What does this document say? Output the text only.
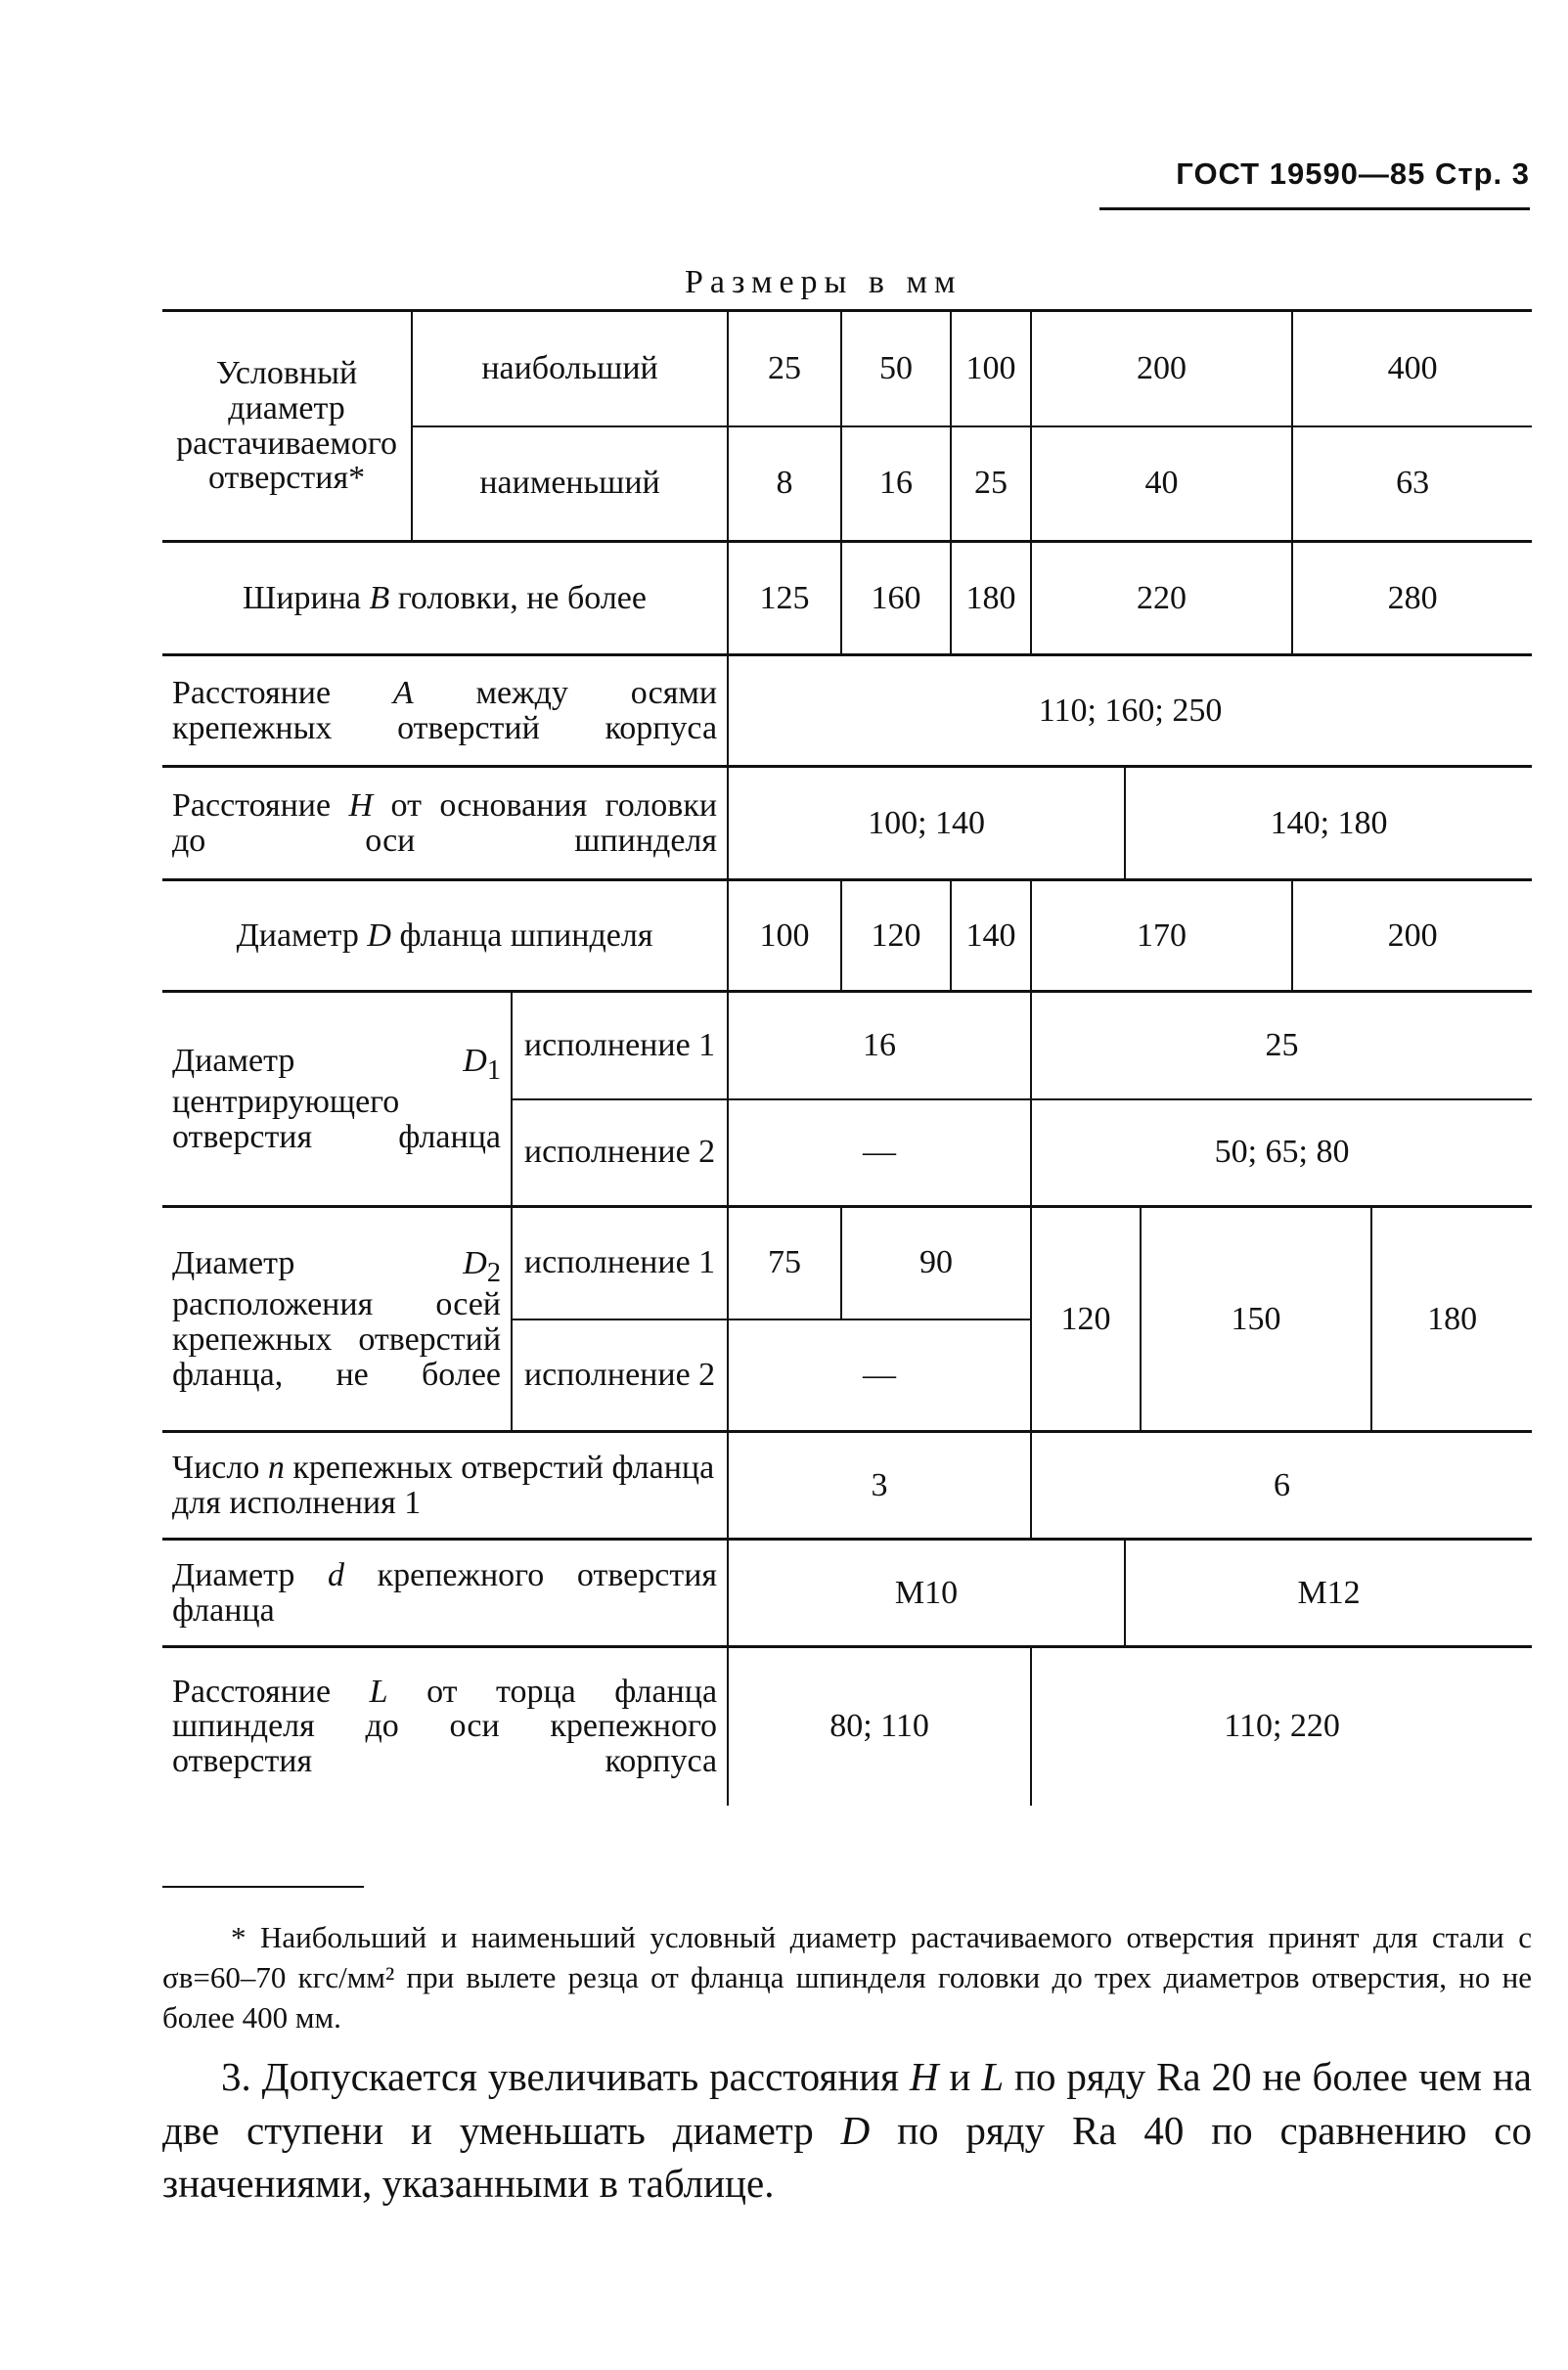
ГОСТ 19590—85 Стр. 3
Размеры в мм
Условный диаметр растачиваемого отверстия*	наибольший		25	50	100	200			400	
	наименьший		8	16	25	40			63	
Ширина B головки, не более			125	160	180	220			280	
Расстояние A между осями крепежных отверстий корпуса			110; 160; 250							
Расстояние H от основания головки до оси шпинделя			100; 140				140; 180			
Диаметр D фланца шпинделя			100	120	140	170			200	
Диаметр $D_1$ центрирующего отверстия фланца		исполнение 1	16			25				
		исполнение 2	—			50; 65; 80				
Диаметр $D_2$ расположения осей крепежных отверстий фланца, не более		исполнение 1	75	90		120		150		180
		исполнение 2	—							
Число n крепежных отверстий фланца для исполнения 1			3			6				
Диаметр d крепежного отверстия фланца			М10				М12			
Расстояние L от торца фланца шпинделя до оси крепежного отверстия корпуса			80; 110			110; 220				
* Наибольший и наименьший условный диаметр растачиваемого отверстия принят для стали с σв=60–70 кгс/мм² при вылете резца от фланца шпинделя головки до трех диаметров отверстия, но не более 400 мм.
3. Допускается увеличивать расстояния H и L по ряду Ra 20 не более чем на две ступени и уменьшать диаметр D по ряду Ra 40 по сравнению со значениями, указанными в таблице.
